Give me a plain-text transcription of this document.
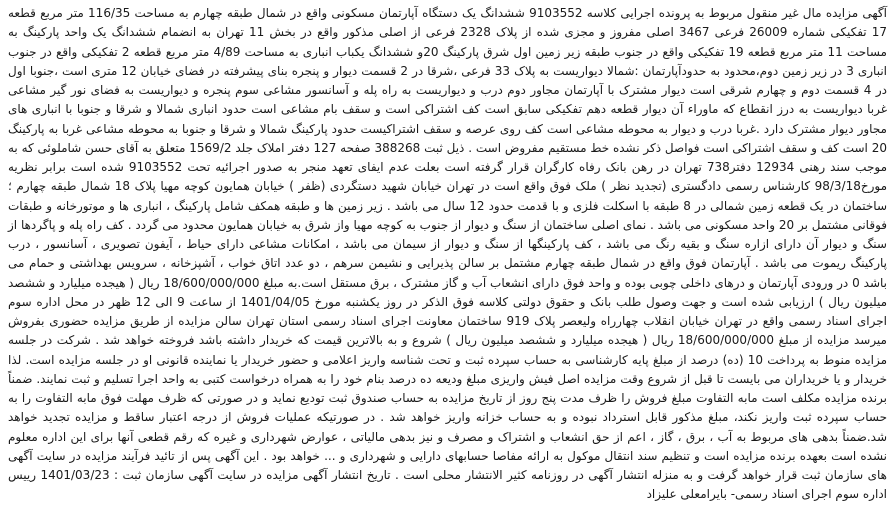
آگهی مزایده مال غیر منقول مربوط به پرونده اجرایی کلاسه 9103552 ششدانگ یک دستگاه آپارتمان مسکونی واقع در شمال طبقه چهارم به مساحت 116/35 متر مربع قطعه 17 تفکیکی شماره 26009 فرعی 3467 اصلی مفروز و مجزی شده از پلاک 2328 فرعی از اصلی مذکور واقع در بخش 11 تهران به انضمام ششدانگ یک واحد پارکینگ به مساحت 11 متر مربع قطعه 19 تفکیکی واقع در جنوب طبقه زیر زمین اول شرق پارکینگ 20و ششدانگ یکباب انباری به مساحت 4/89 متر مربع قطعه 2 تفکیکی واقع در جنوب انباری 3 در زیر زمین دوم،محدود به حدودآپارتمان :شمالا دیواریست به پلاک 33 فرعی ،شرقا در 2 قسمت دیوار و پنجره بنای پیشرفته در فضای خیابان 12 متری است ،جنوبا اول در 4 قسمت دوم و چهارم شرقی است دیوار مشترک با آپارتمان مجاور دوم درب و دیواریست به راه پله و آسانسور مشاعی سوم پنجره و دیواریست به فضای نور گیر مشاعی غربا دیواریست به درز انقطاع که ماوراء آن دیوار قطعه دهم تفکیکی سابق است کف اشتراکی است و سقف بام مشاعی است حدود انباری شمالا و شرقا و جنوبا با انباری های مجاور دیوار مشترک دارد .غربا درب و دیوار به محوطه مشاعی است کف روی عرصه و سقف اشتراکیست حدود پارکینگ شمالا و شرقا و جنوبا به محوطه مشاعی غربا به پارکینگ 20 است کف و سقف اشتراکی است فواصل ذکر نشده خط مستقیم مفروض است . ذیل ثبت 388268 صفحه 127 دفتر املاک جلد 1569/2 متعلق به آقای حسن شاملوئی که به موجب سند رهنی 12934 دفتر738 تهران در رهن بانک رفاه کارگران قرار گرفته است بعلت عدم ایفای تعهد منجر به صدور اجرائیه تحت 9103552 شده است برابر نظریه مورخ98/3/18 کارشناس رسمی دادگستری (تجدید نظر ) ملک فوق واقع است در تهران خیابان شهید دستگردی (ظفر ) خیابان همایون کوچه مهیا پلاک 18 شمال طبقه چهارم ؛ ساختمان در یک قطعه زمین شمالی در 8 طبقه با اسکلت فلزی و با قدمت حدود 12 سال می باشد . زیر زمین ها و طبقه همکف شامل پارکینگ ، انباری ها و موتورخانه و طبقات فوقانی مشتمل بر 20 واحد مسکونی می باشد . نمای اصلی ساختمان از سنگ و دیوار از جنوب به کوچه مهیا واز شرق به خیابان همایون محدود می گردد . کف راه پله و پاگردها از سنگ و دیوار آن دارای ازاره سنگ و بقیه رنگ می باشد ، کف پارکینگها از سنگ و دیوار از سیمان می باشد ، امکانات مشاعی دارای حیاط ، آیفون تصویری ، آسانسور ، درب پارکینگ ریموت می باشد . آپارتمان فوق واقع در شمال طبقه چهارم مشتمل بر سالن پذیرایی و نشیمن سرهم ، دو عدد اتاق خواب ، آشپزخانه ، سرویس بهداشتی و حمام می باشد 0 در ورودی آپارتمان و درهای داخلی چوبی بوده و واحد فوق دارای انشعاب آب و گاز مشترک ، برق مستقل است.به مبلغ 18/600/000/000 ریال ( هیجده میلیارد و ششصد میلیون ریال ) ارزیابی شده است و جهت وصول طلب بانک و حقوق دولتی کلاسه فوق الذکر در روز یکشنبه مورخ 1401/04/05 از ساعت 9 الی 12 ظهر در محل اداره سوم اجرای اسناد رسمی واقع در تهران خیابان انقلاب چهارراه ولیعصر پلاک 919 ساختمان معاونت اجرای اسناد رسمی استان تهران سالن مزایده از طریق مزایده حضوری بفروش میرسد مزایده از مبلغ 18/600/000/000 ریال ( هیجده میلیارد و ششصد میلیون ریال ) شروع و به بالاترین قیمت که خریدار داشته باشد فروخته خواهد شد . شرکت در جلسه مزایده منوط به پرداخت 10 (ده) درصد از مبلغ پایه کارشناسی به حساب سپرده ثبت و تحت شناسه واریز اعلامی و حضور خریدار یا نماینده قانونی او در جلسه مزایده است. لذا خریدار و یا خریداران می بایست تا قبل از شروع وقت مزایده اصل فیش واریزی مبلغ ودیعه ده درصد بنام خود را به همراه درخواست کتبی به واحد اجرا تسلیم و ثبت نمایند. ضمناً برنده مزایده مکلف است مابه التفاوت مبلغ فروش را ظرف مدت پنج روز از تاریخ مزایده به حساب صندوق ثبت تودیع نماید و در صورتی که ظرف مهلت فوق مابه التفاوت را به حساب سپرده ثبت واریز نکند، مبلغ مذکور قابل استرداد نبوده و به حساب خزانه واریز خواهد شد . در صورتیکه عملیات فروش از درجه اعتبار ساقط و مزایده تجدید خواهد شد.ضمناً بدهی های مربوط به آب ، برق ، گاز ، اعم از حق انشعاب و اشتراک و مصرف و نیز بدهی مالیاتی ، عوارض شهرداری و غیره که رقم قطعی آنها برای این اداره معلوم نشده است بعهده برنده مزایده است و تنظیم سند انتقال موکول به ارائه مفاصا حسابهای دارایی و شهرداری و ... خواهد بود . این آگهی پس از تائید فرآیند مزایده در سایت آگهی های سازمان ثبت قرار خواهد گرفت و به منزله انتشار آگهی در روزنامه کثیر الانتشار محلی است . تاریخ انتشار آگهی مزایده در سایت آگهی سازمان ثبت : 1401/03/23 رییس اداره سوم اجرای اسناد رسمی- بایرامعلی علیزاد
